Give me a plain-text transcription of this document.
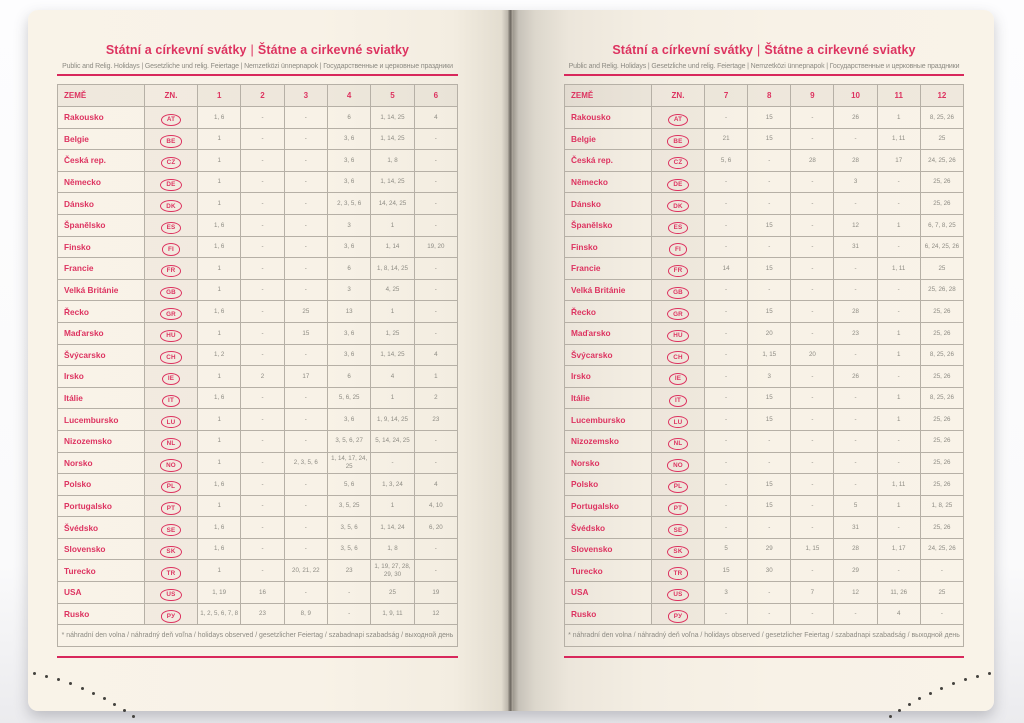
Státní a církevní svátky | Štátne a cirkevné sviatky
Public and Relig. Holidays | Gesetzliche und relig. Feiertage | Nemzetközi ünnepnapok | Государственные и церковные праздники
ZEMĚ	ZN.	1	2	3	4	5	6
Rakousko	AT	1, 6	-	-	6	1, 14, 25	4
Belgie	BE	1	-	-	3, 6	1, 14, 25	-
Česká rep.	CZ	1	-	-	3, 6	1, 8	-
Německo	DE	1	-	-	3, 6	1, 14, 25	-
Dánsko	DK	1	-	-	2, 3, 5, 6	14, 24, 25	-
Španělsko	ES	1, 6	-	-	3	1	-
Finsko	FI	1, 6	-	-	3, 6	1, 14	19, 20
Francie	FR	1	-	-	6	1, 8, 14, 25	-
Velká Británie	GB	1	-	-	3	4, 25	-
Řecko	GR	1, 6	-	25	13	1	-
Maďarsko	HU	1	-	15	3, 6	1, 25	-
Švýcarsko	CH	1, 2	-	-	3, 6	1, 14, 25	4
Irsko	IE	1	2	17	6	4	1
Itálie	IT	1, 6	-	-	5, 6, 25	1	2
Lucembursko	LU	1	-	-	3, 6	1, 9, 14, 25	23
Nizozemsko	NL	1	-	-	3, 5, 6, 27	5, 14, 24, 25	-
Norsko	NO	1	-	2, 3, 5, 6	1, 14, 17, 24, 25	-	-
Polsko	PL	1, 6	-	-	5, 6	1, 3, 24	4
Portugalsko	PT	1	-	-	3, 5, 25	1	4, 10
Švédsko	SE	1, 6	-	-	3, 5, 6	1, 14, 24	6, 20
Slovensko	SK	1, 6	-	-	3, 5, 6	1, 8	-
Turecko	TR	1	-	20, 21, 22	23	1, 19, 27, 28, 29, 30	-
USA	US	1, 19	16	-	-	25	19
Rusko	РУ	1, 2, 5, 6, 7, 8	23	8, 9	-	1, 9, 11	12
* náhradní den volna / náhradný deň voľna / holidays observed / gesetzlicher Feiertag / szabadnapi szabadság / выходной день
Státní a církevní svátky | Štátne a cirkevné sviatky
Public and Relig. Holidays | Gesetzliche und relig. Feiertage | Nemzetközi ünnepnapok | Государственные и церковные праздники
ZEMĚ	ZN.	7	8	9	10	11	12
Rakousko	AT	-	15	-	26	1	8, 25, 26
Belgie	BE	21	15	-	-	1, 11	25
Česká rep.	CZ	5, 6	-	28	28	17	24, 25, 26
Německo	DE	-	-	-	3	-	25, 26
Dánsko	DK	-	-	-	-	-	25, 26
Španělsko	ES	-	15	-	12	1	6, 7, 8, 25
Finsko	FI	-	-	-	31	-	6, 24, 25, 26
Francie	FR	14	15	-	-	1, 11	25
Velká Británie	GB	-	-	-	-	-	25, 26, 28
Řecko	GR	-	15	-	28	-	25, 26
Maďarsko	HU	-	20	-	23	1	25, 26
Švýcarsko	CH	-	1, 15	20	-	1	8, 25, 26
Irsko	IE	-	3	-	26	-	25, 26
Itálie	IT	-	15	-	-	1	8, 25, 26
Lucembursko	LU	-	15	-	-	1	25, 26
Nizozemsko	NL	-	-	-	-	-	25, 26
Norsko	NO	-	-	-	-	-	25, 26
Polsko	PL	-	15	-	-	1, 11	25, 26
Portugalsko	PT	-	15	-	5	1	1, 8, 25
Švédsko	SE	-	-	-	31	-	25, 26
Slovensko	SK	5	29	1, 15	28	1, 17	24, 25, 26
Turecko	TR	15	30	-	29	-	-
USA	US	3	-	7	12	11, 26	25
Rusko	РУ	-	-	-	-	4	-
* náhradní den volna / náhradný deň voľna / holidays observed / gesetzlicher Feiertag / szabadnapi szabadság / выходной день
